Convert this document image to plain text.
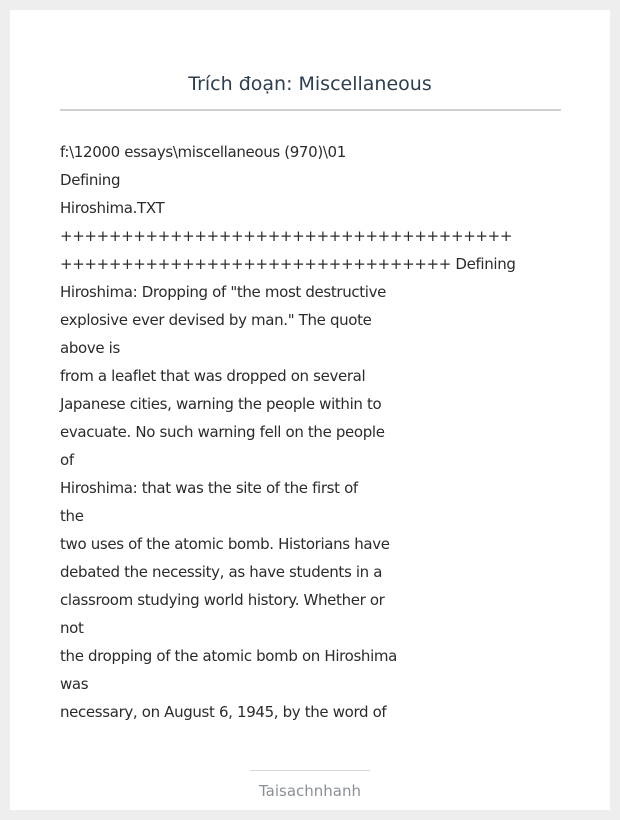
Trích đoạn: Miscellaneous
f:\12000 essays\miscellaneous (970)\01
Defining
Hiroshima.TXT
+++++++++++++++++++++++++++++++++++++
++++++++++++++++++++++++++++++++ Defining
Hiroshima: Dropping of "the most destructive
explosive ever devised by man." The quote
above is
from a leaflet that was dropped on several
Japanese cities, warning the people within to
evacuate. No such warning fell on the people
of
Hiroshima: that was the site of the first of
the
two uses of the atomic bomb. Historians have
debated the necessity, as have students in a
classroom studying world history. Whether or
not
the dropping of the atomic bomb on Hiroshima
was
necessary, on August 6, 1945, by the word of
Taisachnhanh
